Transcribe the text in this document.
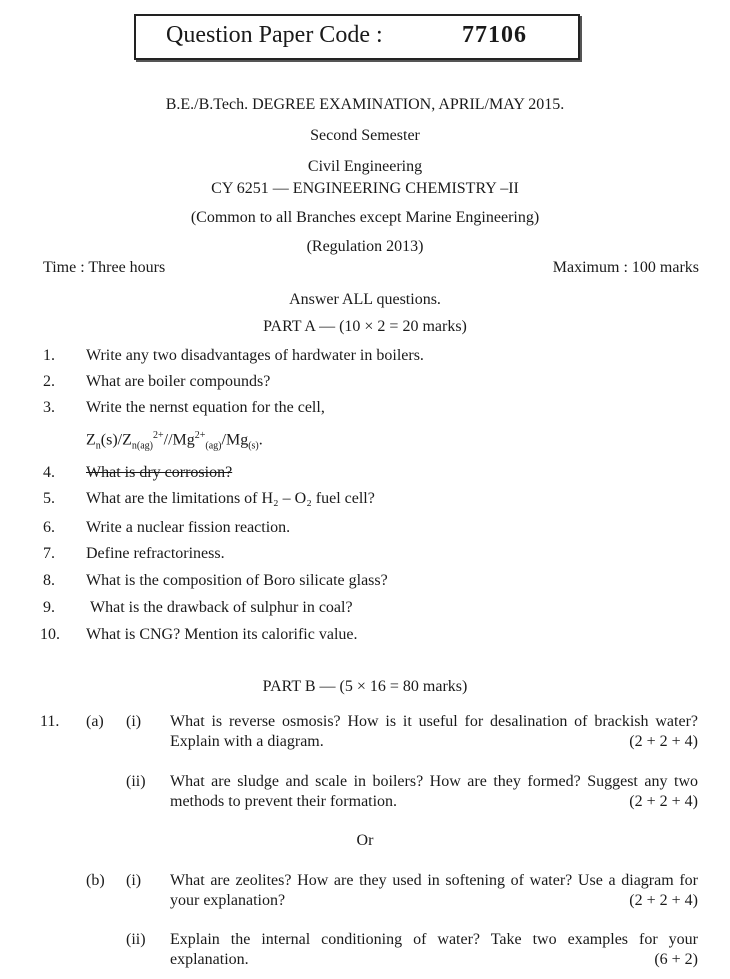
Question Paper Code :	77106
B.E./B.Tech. DEGREE EXAMINATION, APRIL/MAY 2015.
Second Semester
Civil Engineering
CY 6251 — ENGINEERING CHEMISTRY –II
(Common to all Branches except Marine Engineering)
(Regulation 2013)
Time : Three hours	Maximum : 100 marks
Answer ALL questions.
PART A — (10 × 2 = 20 marks)
1. Write any two disadvantages of hardwater in boilers.
2. What are boiler compounds?
3. Write the nernst equation for the cell,
$Z_n(s)/Z_{n(ag)}^{2+}//Mg^{2+}_{(ag)}/Mg_{(s)}$.
4. What is dry corrosion?
5. What are the limitations of H₂ – O₂ fuel cell?
6. Write a nuclear fission reaction.
7. Define refractoriness.
8. What is the composition of Boro silicate glass?
9. What is the drawback of sulphur in coal?
10. What is CNG? Mention its calorific value.
PART B — (5 × 16 = 80 marks)
11. (a) (i) What is reverse osmosis? How is it useful for desalination of brackish water? Explain with a diagram.	(2 + 2 + 4)
(ii) What are sludge and scale in boilers? How are they formed? Suggest any two methods to prevent their formation.	(2 + 2 + 4)
Or
(b) (i) What are zeolites? How are they used in softening of water? Use a diagram for your explanation?	(2 + 2 + 4)
(ii) Explain the internal conditioning of water? Take two examples for your explanation.	(6 + 2)
